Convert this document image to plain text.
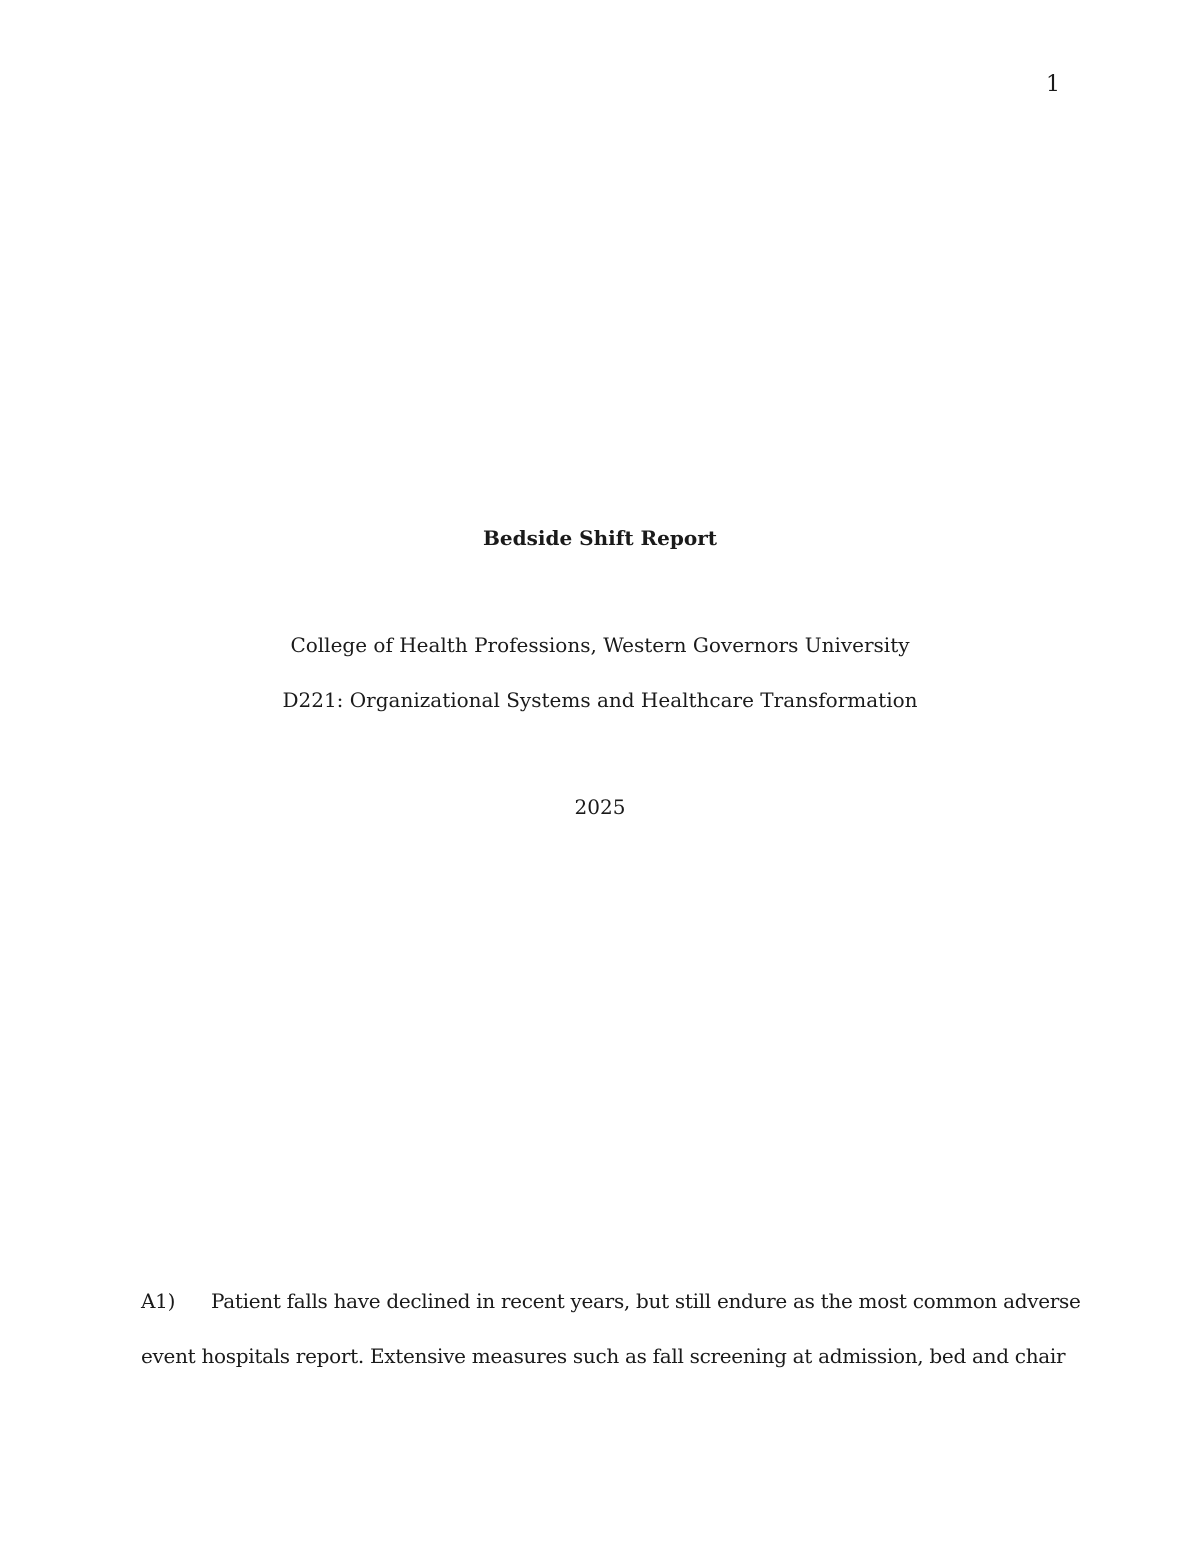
1
Bedside Shift Report
College of Health Professions, Western Governors University
D221: Organizational Systems and Healthcare Transformation
2025
A1) Patient falls have declined in recent years, but still endure as the most common adverse
event hospitals report. Extensive measures such as fall screening at admission, bed and chair
